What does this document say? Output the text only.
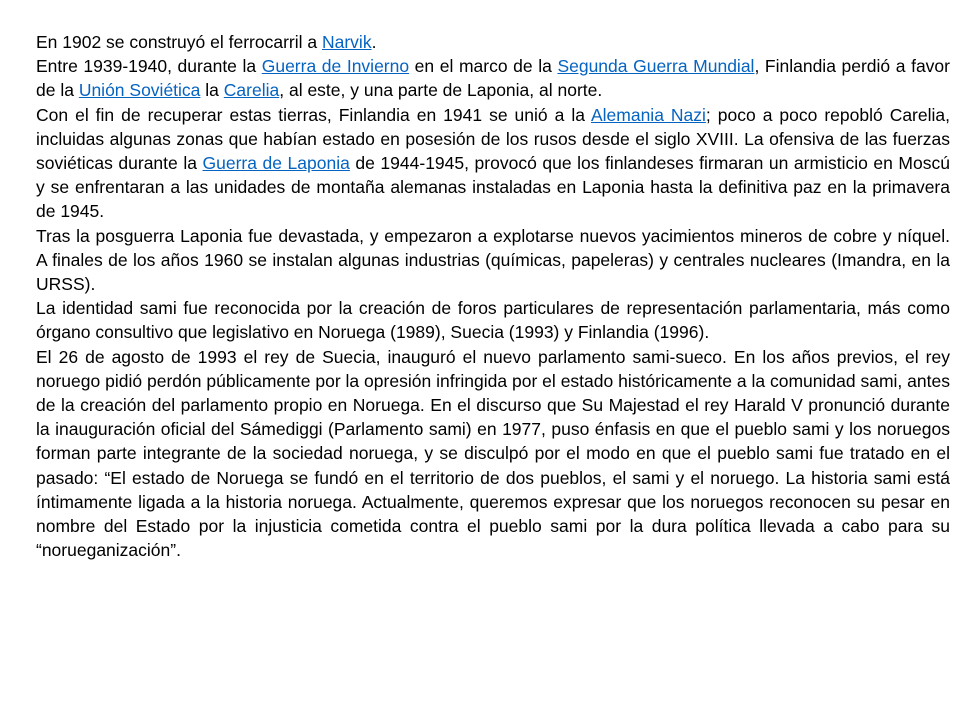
En 1902 se construyó el ferrocarril a Narvik.

Entre 1939-1940, durante la Guerra de Invierno en el marco de la Segunda Guerra Mundial, Finlandia perdió a favor de la Unión Soviética la Carelia, al este, y una parte de Laponia, al norte.

Con el fin de recuperar estas tierras, Finlandia en 1941 se unió a la Alemania Nazi; poco a poco repobló Carelia, incluidas algunas zonas que habían estado en posesión de los rusos desde el siglo XVIII. La ofensiva de las fuerzas soviéticas durante la Guerra de Laponia de 1944-1945, provocó que los finlandeses firmaran un armisticio en Moscú y se enfrentaran a las unidades de montaña alemanas instaladas en Laponia hasta la definitiva paz en la primavera de 1945.

Tras la posguerra Laponia fue devastada, y empezaron a explotarse nuevos yacimientos mineros de cobre y níquel. A finales de los años 1960 se instalan algunas industrias (químicas, papeleras) y centrales nucleares (Imandra, en la URSS).

La identidad sami fue reconocida por la creación de foros particulares de representación parlamentaria, más como órgano consultivo que legislativo en Noruega (1989), Suecia (1993) y Finlandia (1996).

El 26 de agosto de 1993 el rey de Suecia, inauguró el nuevo parlamento sami-sueco. En los años previos, el rey noruego pidió perdón públicamente por la opresión infringida por el estado históricamente a la comunidad sami, antes de la creación del parlamento propio en Noruega. En el discurso que Su Majestad el rey Harald V pronunció durante la inauguración oficial del Sámediggi (Parlamento sami) en 1977, puso énfasis en que el pueblo sami y los noruegos forman parte integrante de la sociedad noruega, y se disculpó por el modo en que el pueblo sami fue tratado en el pasado: “El estado de Noruega se fundó en el territorio de dos pueblos, el sami y el noruego. La historia sami está íntimamente ligada a la historia noruega. Actualmente, queremos expresar que los noruegos reconocen su pesar en nombre del Estado por la injusticia cometida contra el pueblo sami por la dura política llevada a cabo para su “norueganización”.
